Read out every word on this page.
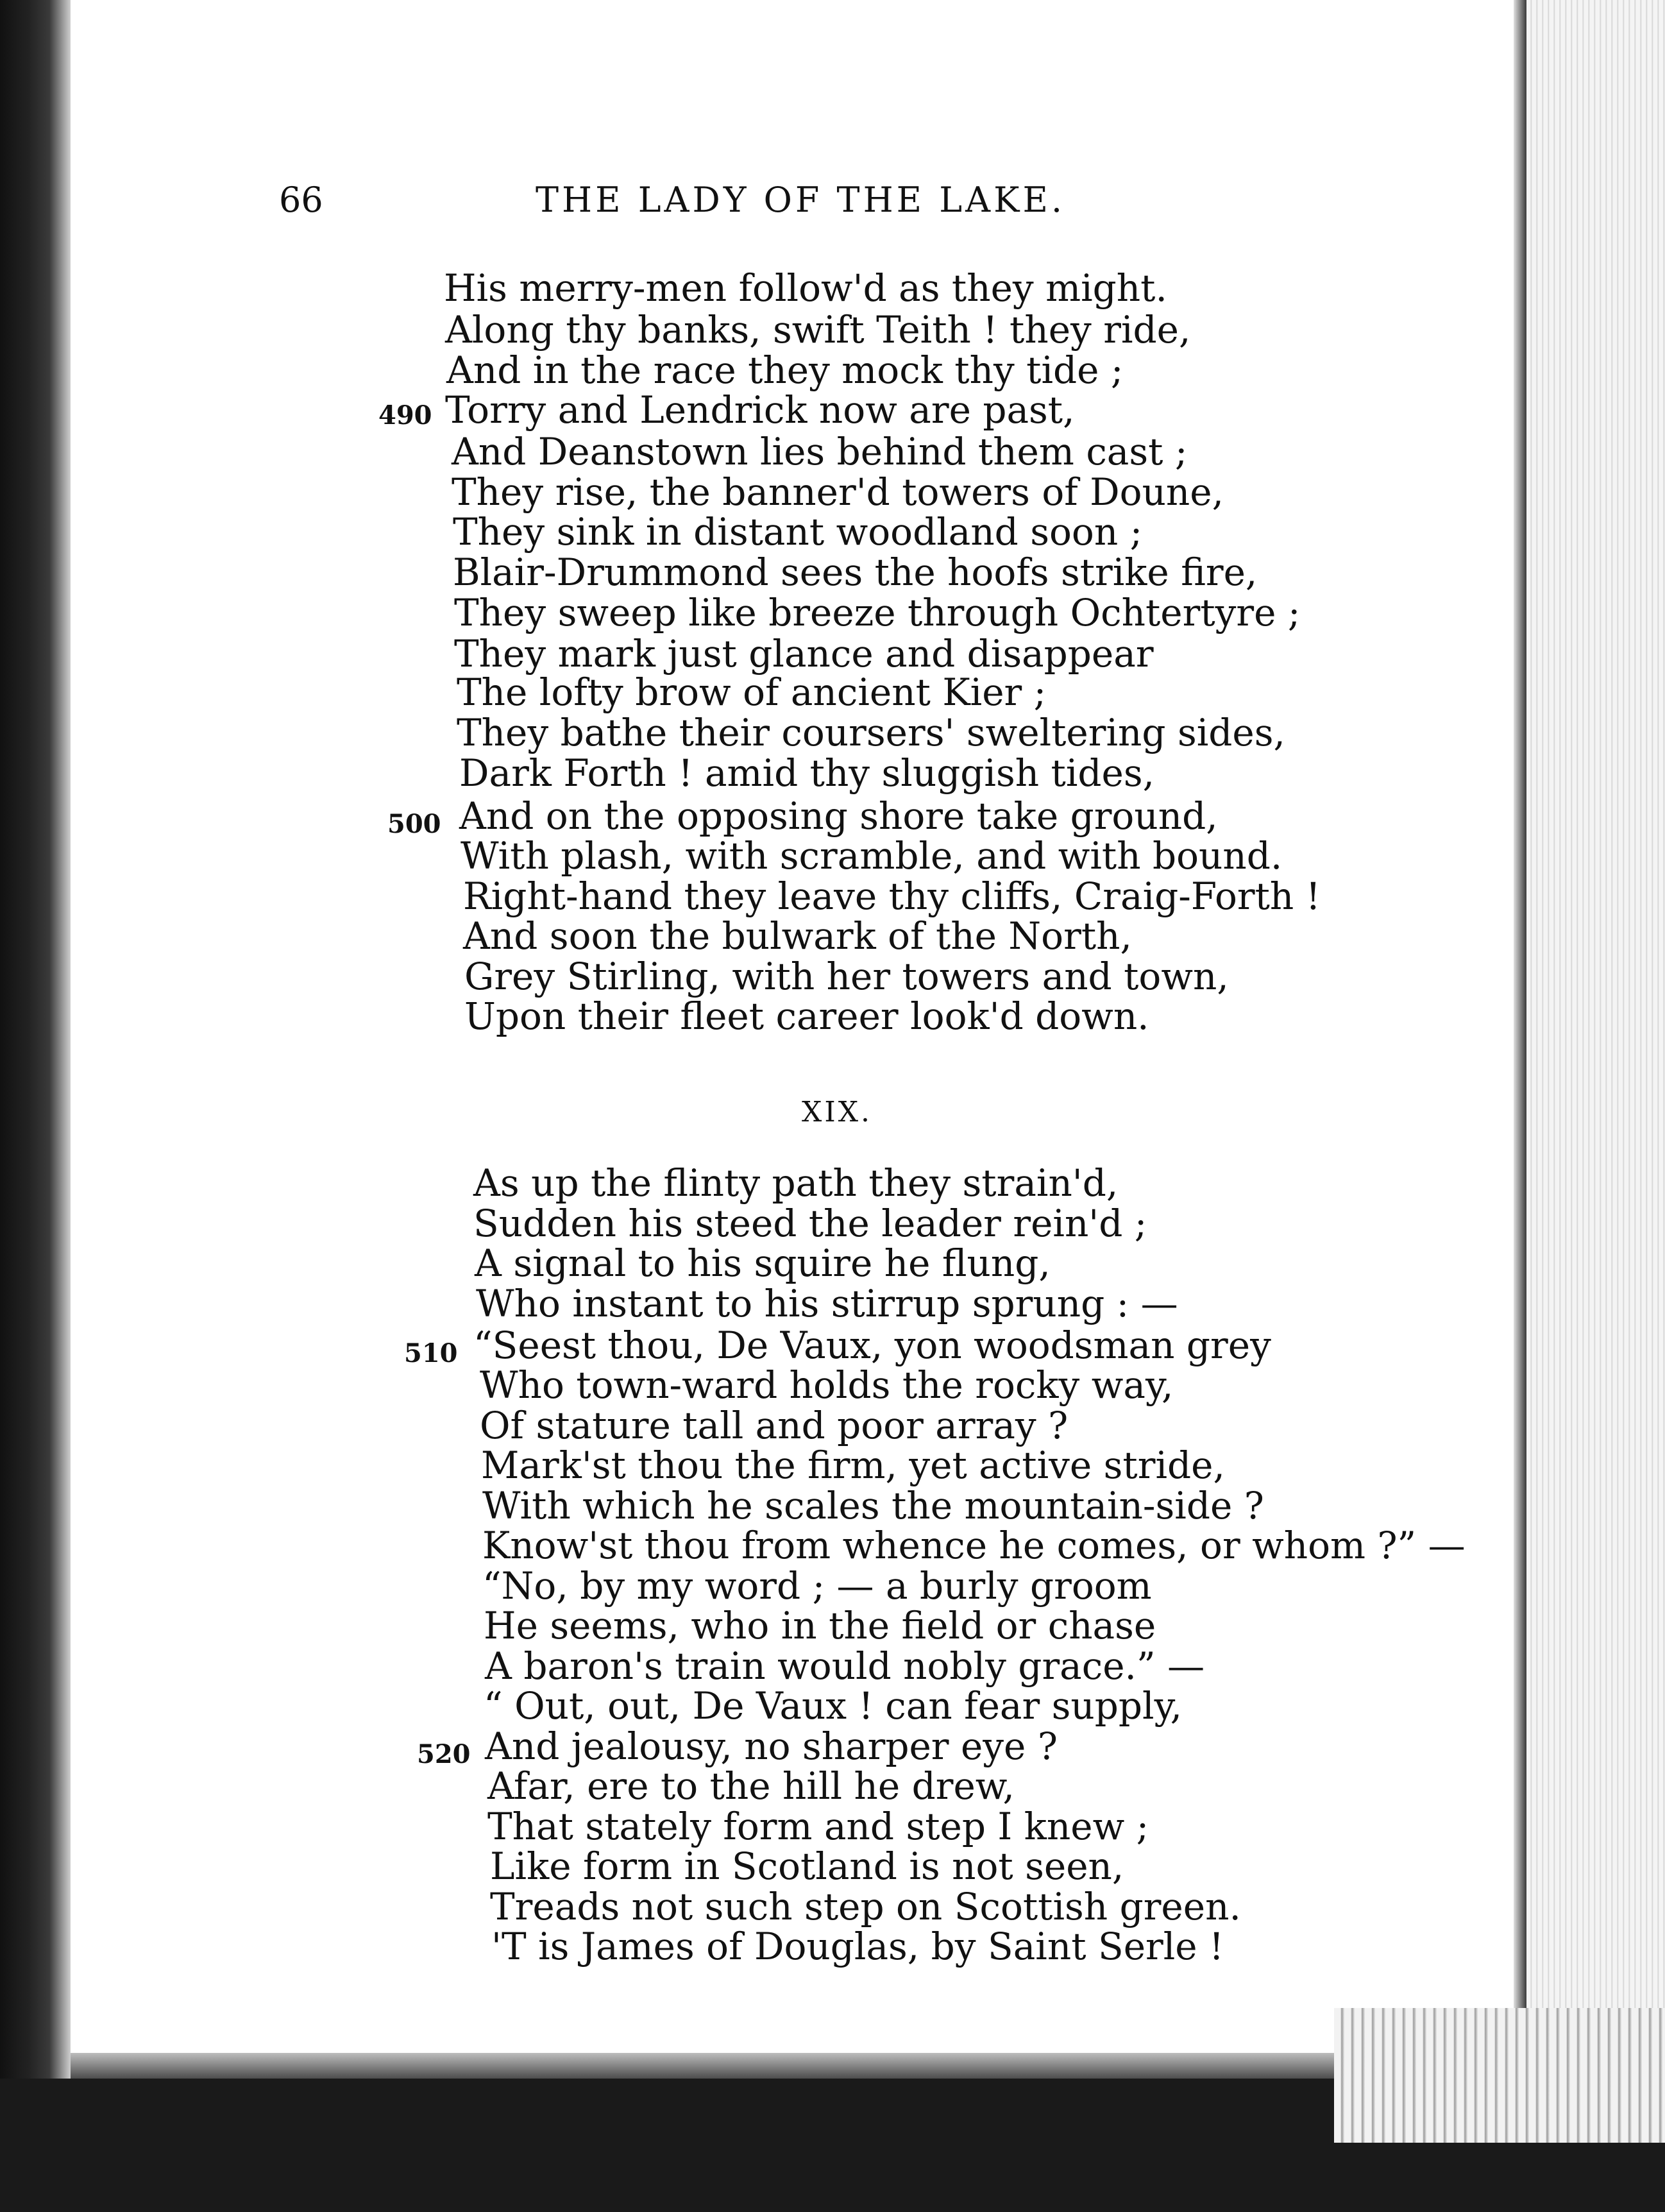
66	THE LADY OF THE LAKE.
His merry-men follow'd as they might.
Along thy banks, swift Teith ! they ride,
And in the race they mock thy tide ;
490 Torry and Lendrick now are past,
And Deanstown lies behind them cast ;
They rise, the banner'd towers of Doune,
They sink in distant woodland soon ;
Blair-Drummond sees the hoofs strike fire,
They sweep like breeze through Ochtertyre ;
They mark just glance and disappear
The lofty brow of ancient Kier ;
They bathe their coursers' sweltering sides,
Dark Forth ! amid thy sluggish tides,
500 And on the opposing shore take ground,
With plash, with scramble, and with bound.
Right-hand they leave thy cliffs, Craig-Forth !
And soon the bulwark of the North,
Grey Stirling, with her towers and town,
Upon their fleet career look'd down.
XIX.
As up the flinty path they strain'd,
Sudden his steed the leader rein'd ;
A signal to his squire he flung,
Who instant to his stirrup sprung : —
510 “Seest thou, De Vaux, yon woodsman grey
Who town-ward holds the rocky way,
Of stature tall and poor array ?
Mark'st thou the firm, yet active stride,
With which he scales the mountain-side ?
Know'st thou from whence he comes, or whom ?” —
“No, by my word ; — a burly groom
He seems, who in the field or chase
A baron's train would nobly grace.” —
“ Out, out, De Vaux ! can fear supply,
520 And jealousy, no sharper eye ?
Afar, ere to the hill he drew,
That stately form and step I knew ;
Like form in Scotland is not seen,
Treads not such step on Scottish green.
'T is James of Douglas, by Saint Serle !
